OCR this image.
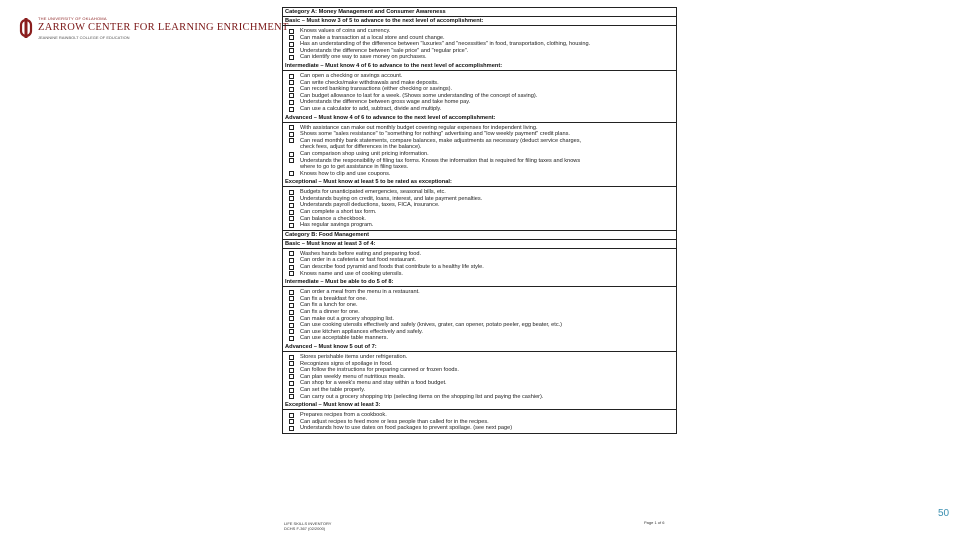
THE UNIVERSITY OF OKLAHOMA
ZARROW CENTER FOR LEARNING ENRICHMENT
JEANNINE RAINBOLT COLLEGE OF EDUCATION
Category A: Money Management and Consumer Awareness
Basic – Must know 3 of 5 to advance to the next level of accomplishment:
Knows values of coins and currency.
Can make a transaction at a local store and count change.
Has an understanding of the difference between "luxuries" and "necessities" in food, transportation, clothing, housing.
Understands the difference between "sale price" and "regular price".
Can identify one way to save money on purchases.
Intermediate – Must know 4 of 6 to advance to the next level of accomplishment:
Can open a checking or savings account.
Can write checks/make withdrawals and make deposits.
Can record banking transactions (either checking or savings).
Can budget allowance to last for a week. (Shows some understanding of the concept of saving).
Understands the difference between gross wage and take home pay.
Can use a calculator to add, subtract, divide and multiply.
Advanced – Must know 4 of 6 to advance to the next level of accomplishment:
With assistance can make out monthly budget covering regular expenses for independent living.
Shows some "sales resistance" to "something for nothing" advertising and "low weekly payment" credit plans.
Can read monthly bank statements, compare balances, make adjustments as necessary (deduct service charges,
check fees, adjust for differences in the balance).
Can comparison shop using unit pricing information.
Understands the responsibility of filing tax forms. Knows the information that is required for filing taxes and knows
where to go to get assistance in filing taxes.
Knows how to clip and use coupons.
Exceptional – Must know at least 5 to be rated as exceptional:
Budgets for unanticipated emergencies, seasonal bills, etc.
Understands buying on credit, loans, interest, and late payment penalties.
Understands payroll deductions, taxes, FICA, insurance.
Can complete a short tax form.
Can balance a checkbook.
Has regular savings program.
Category B: Food Management
Basic – Must know at least 3 of 4:
Washes hands before eating and preparing food.
Can order in a cafeteria or fast food restaurant.
Can describe food pyramid and foods that contribute to a healthy life style.
Knows name and use of cooking utensils.
Intermediate – Must be able to do 5 of 8:
Can order a meal from the menu in a restaurant.
Can fix a breakfast for one.
Can fix a lunch for one.
Can fix a dinner for one.
Can make out a grocery shopping list.
Can use cooking utensils effectively and safely (knives, grater, can opener, potato peeler, egg beater, etc.)
Can use kitchen appliances effectively and safely.
Can use acceptable table manners.
Advanced – Must know 5 out of 7:
Stores perishable items under refrigeration.
Recognizes signs of spoilage in food.
Can follow the instructions for preparing canned or frozen foods.
Can plan weekly menu of nutritious meals.
Can shop for a week's menu and stay within a food budget.
Can set the table properly.
Can carry out a grocery shopping trip (selecting items on the shopping list and paying the cashier).
Exceptional – Must know at least 3:
Prepares recipes from a cookbook.
Can adjust recipes to feed more or less people than called for in the recipes.
Understands how to use dates on food packages to prevent spoilage. (see next page)
LIFE SKILLS INVENTORY
DCHS F-367 (02/2000)
Page 1 of 6
50
